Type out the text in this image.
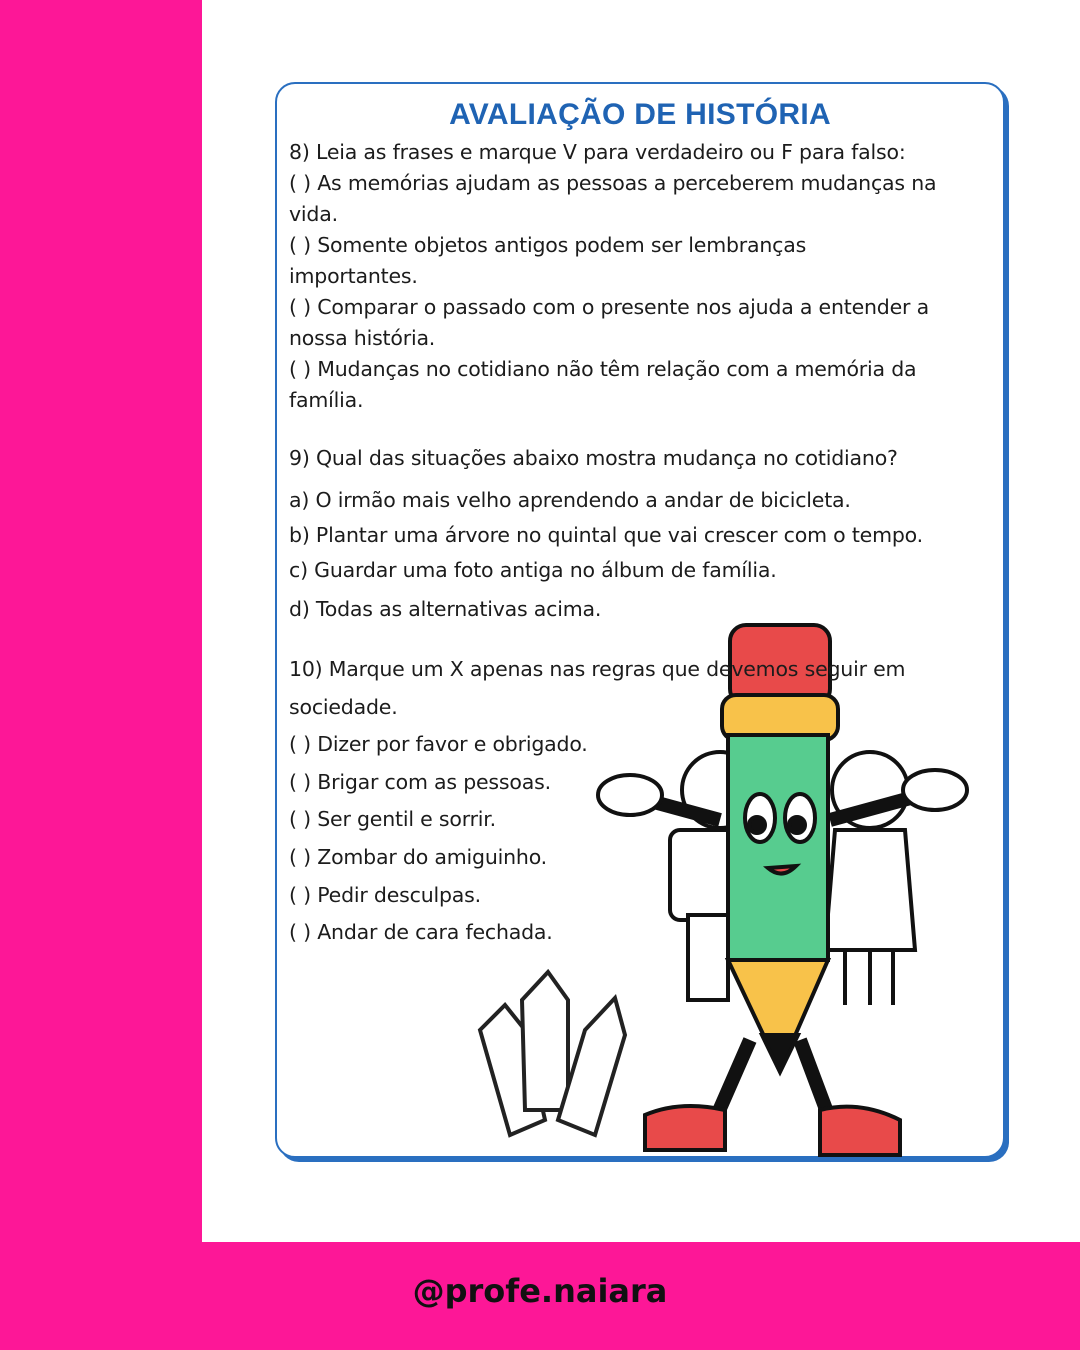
AVALIAÇÃO DE HISTÓRIA
8) Leia as frases e marque V para verdadeiro ou F para falso:
( ) As memórias ajudam as pessoas a perceberem mudanças na
vida.
( ) Somente objetos antigos podem ser lembranças
importantes.
( ) Comparar o passado com o presente nos ajuda a entender a
nossa história.
( ) Mudanças no cotidiano não têm relação com a memória da
família.
9) Qual das situações abaixo mostra mudança no cotidiano?
a) O irmão mais velho aprendendo a andar de bicicleta.
b) Plantar uma árvore no quintal que vai crescer com o tempo.
c) Guardar uma foto antiga no álbum de família.
d) Todas as alternativas acima.
10) Marque um X apenas nas regras que devemos seguir em
sociedade.
( ) Dizer por favor e obrigado.
( ) Brigar com as pessoas.
( ) Ser gentil e sorrir.
( ) Zombar do amiguinho.
( ) Pedir desculpas.
( ) Andar de cara fechada.
@profe.naiara
